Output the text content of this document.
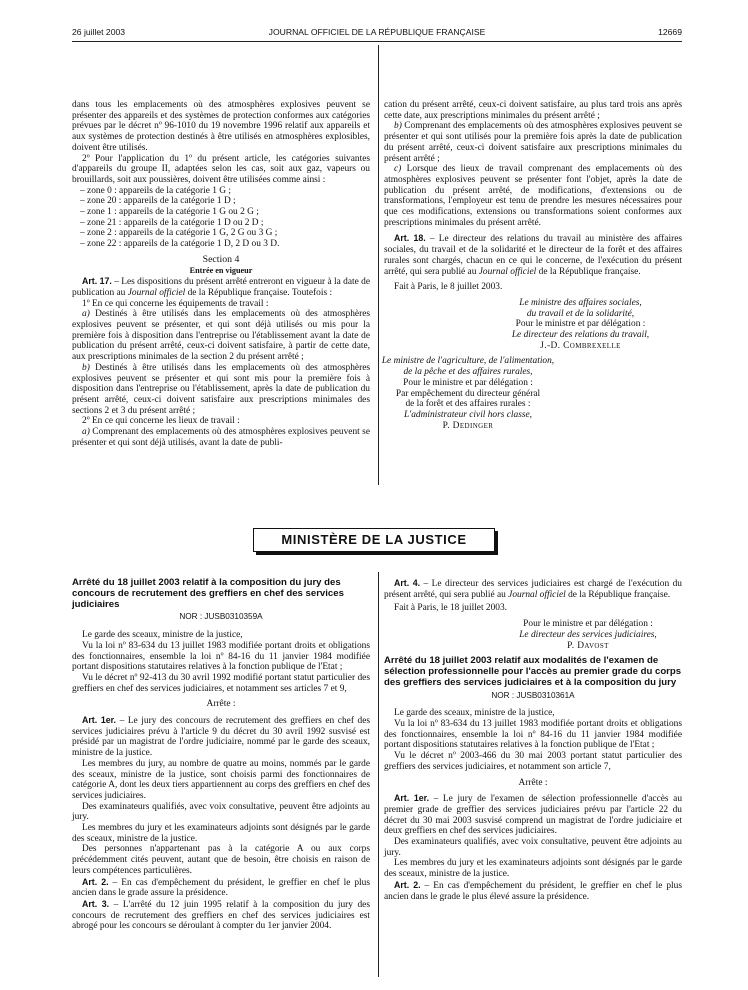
26 juillet 2003	JOURNAL OFFICIEL DE LA RÉPUBLIQUE FRANÇAISE	12669

dans tous les emplacements où des atmosphères explosives peuvent se présenter des appareils et des systèmes de protection conformes aux catégories prévues par le décret nº 96-1010 du 19 novembre 1996 relatif aux appareils et aux systèmes de protection destinés à être utilisés en atmosphères explosibles, doivent être utilisés.

2º Pour l'application du 1º du présent article, les catégories suivantes d'appareils du groupe II, adaptées selon les cas, soit aux gaz, vapeurs ou brouillards, soit aux poussières, doivent être utilisées comme ainsi :

– zone 0 : appareils de la catégorie 1 G ;

– zone 20 : appareils de la catégorie 1 D ;

– zone 1 : appareils de la catégorie 1 G ou 2 G ;

– zone 21 : appareils de la catégorie 1 D ou 2 D ;

– zone 2 : appareils de la catégorie 1 G, 2 G ou 3 G ;

– zone 22 : appareils de la catégorie 1 D, 2 D ou 3 D.

Section 4

Entrée en vigueur

Art. 17. – Les dispositions du présent arrêté entreront en vigueur à la date de publication au Journal officiel de la République française. Toutefois :

1º En ce qui concerne les équipements de travail :

a) Destinés à être utilisés dans les emplacements où des atmosphères explosives peuvent se présenter, et qui sont déjà utilisés ou mis pour la première fois à disposition dans l'entreprise ou l'établissement avant la date de publication du présent arrêté, ceux-ci doivent satisfaire, à partir de cette date, aux prescriptions minimales de la section 2 du présent arrêté ;

b) Destinés à être utilisés dans les emplacements où des atmosphères explosives peuvent se présenter et qui sont mis pour la première fois à disposition dans l'entreprise ou l'établissement, après la date de publication du présent arrêté, ceux-ci doivent satisfaire aux prescriptions minimales des sections 2 et 3 du présent arrêté ;

2º En ce qui concerne les lieux de travail :

a) Comprenant des emplacements où des atmosphères explosives peuvent se présenter et qui sont déjà utilisés, avant la date de publi-

cation du présent arrêté, ceux-ci doivent satisfaire, au plus tard trois ans après cette date, aux prescriptions minimales du présent arrêté ;

b) Comprenant des emplacements où des atmosphères explosives peuvent se présenter et qui sont utilisés pour la première fois après la date de publication du présent arrêté, ceux-ci doivent satisfaire aux prescriptions minimales du présent arrêté ;

c) Lorsque des lieux de travail comprenant des emplacements où des atmosphères explosives peuvent se présenter font l'objet, après la date de publication du présent arrêté, de modifications, d'extensions ou de transformations, l'employeur est tenu de prendre les mesures nécessaires pour que ces modifications, extensions ou transformations soient conformes aux prescriptions minimales du présent arrêté.

Art. 18. – Le directeur des relations du travail au ministère des affaires sociales, du travail et de la solidarité et le directeur de la forêt et des affaires rurales sont chargés, chacun en ce qui le concerne, de l'exécution du présent arrêté, qui sera publié au Journal officiel de la République française.

Fait à Paris, le 8 juillet 2003.

Le ministre des affaires sociales,

du travail et de la solidarité,

Pour le ministre et par délégation :

Le directeur des relations du travail,

J.-D. Combrexelle

Le ministre de l'agriculture, de l'alimentation,

de la pêche et des affaires rurales,

Pour le ministre et par délégation :

Par empêchement du directeur général

de la forêt et des affaires rurales :

L'administrateur civil hors classe,

P. Dedinger

MINISTÈRE DE LA JUSTICE

Arrêté du 18 juillet 2003 relatif à la composition du jury des concours de recrutement des greffiers en chef des services judiciaires

NOR : JUSB0310359A

Le garde des sceaux, ministre de la justice,

Vu la loi nº 83-634 du 13 juillet 1983 modifiée portant droits et obligations des fonctionnaires, ensemble la loi nº 84-16 du 11 janvier 1984 modifiée portant dispositions statutaires relatives à la fonction publique de l'Etat ;

Vu le décret nº 92-413 du 30 avril 1992 modifié portant statut particulier des greffiers en chef des services judiciaires, et notamment ses articles 7 et 9,

Arrête :

Art. 1er. – Le jury des concours de recrutement des greffiers en chef des services judiciaires prévu à l'article 9 du décret du 30 avril 1992 susvisé est présidé par un magistrat de l'ordre judiciaire, nommé par le garde des sceaux, ministre de la justice.

Les membres du jury, au nombre de quatre au moins, nommés par le garde des sceaux, ministre de la justice, sont choisis parmi des fonctionnaires de catégorie A, dont les deux tiers appartiennent au corps des greffiers en chef des services judiciaires.

Des examinateurs qualifiés, avec voix consultative, peuvent être adjoints au jury.

Les membres du jury et les examinateurs adjoints sont désignés par le garde des sceaux, ministre de la justice.

Des personnes n'appartenant pas à la catégorie A ou aux corps précédemment cités peuvent, autant que de besoin, être choisis en raison de leurs compétences particulières.

Art. 2. – En cas d'empêchement du président, le greffier en chef le plus ancien dans le grade assure la présidence.

Art. 3. – L'arrêté du 12 juin 1995 relatif à la composition du jury des concours de recrutement des greffiers en chef des services judiciaires est abrogé pour les concours se déroulant à compter du 1er janvier 2004.

Art. 4. – Le directeur des services judiciaires est chargé de l'exécution du présent arrêté, qui sera publié au Journal officiel de la République française.

Fait à Paris, le 18 juillet 2003.

Pour le ministre et par délégation :

Le directeur des services judiciaires,

P. Davost

Arrêté du 18 juillet 2003 relatif aux modalités de l'examen de sélection professionnelle pour l'accès au premier grade du corps des greffiers des services judiciaires et à la composition du jury

NOR : JUSB0310361A

Le garde des sceaux, ministre de la justice,

Vu la loi nº 83-634 du 13 juillet 1983 modifiée portant droits et obligations des fonctionnaires, ensemble la loi nº 84-16 du 11 janvier 1984 modifiée portant dispositions statutaires relatives à la fonction publique de l'Etat ;

Vu le décret nº 2003-466 du 30 mai 2003 portant statut particulier des greffiers des services judiciaires, et notamment son article 7,

Arrête :

Art. 1er. – Le jury de l'examen de sélection professionnelle d'accès au premier grade de greffier des services judiciaires prévu par l'article 22 du décret du 30 mai 2003 susvisé comprend un magistrat de l'ordre judiciaire et deux greffiers en chef des services judiciaires.

Des examinateurs qualifiés, avec voix consultative, peuvent être adjoints au jury.

Les membres du jury et les examinateurs adjoints sont désignés par le garde des sceaux, ministre de la justice.

Art. 2. – En cas d'empêchement du président, le greffier en chef le plus ancien dans le grade le plus élevé assure la présidence.
